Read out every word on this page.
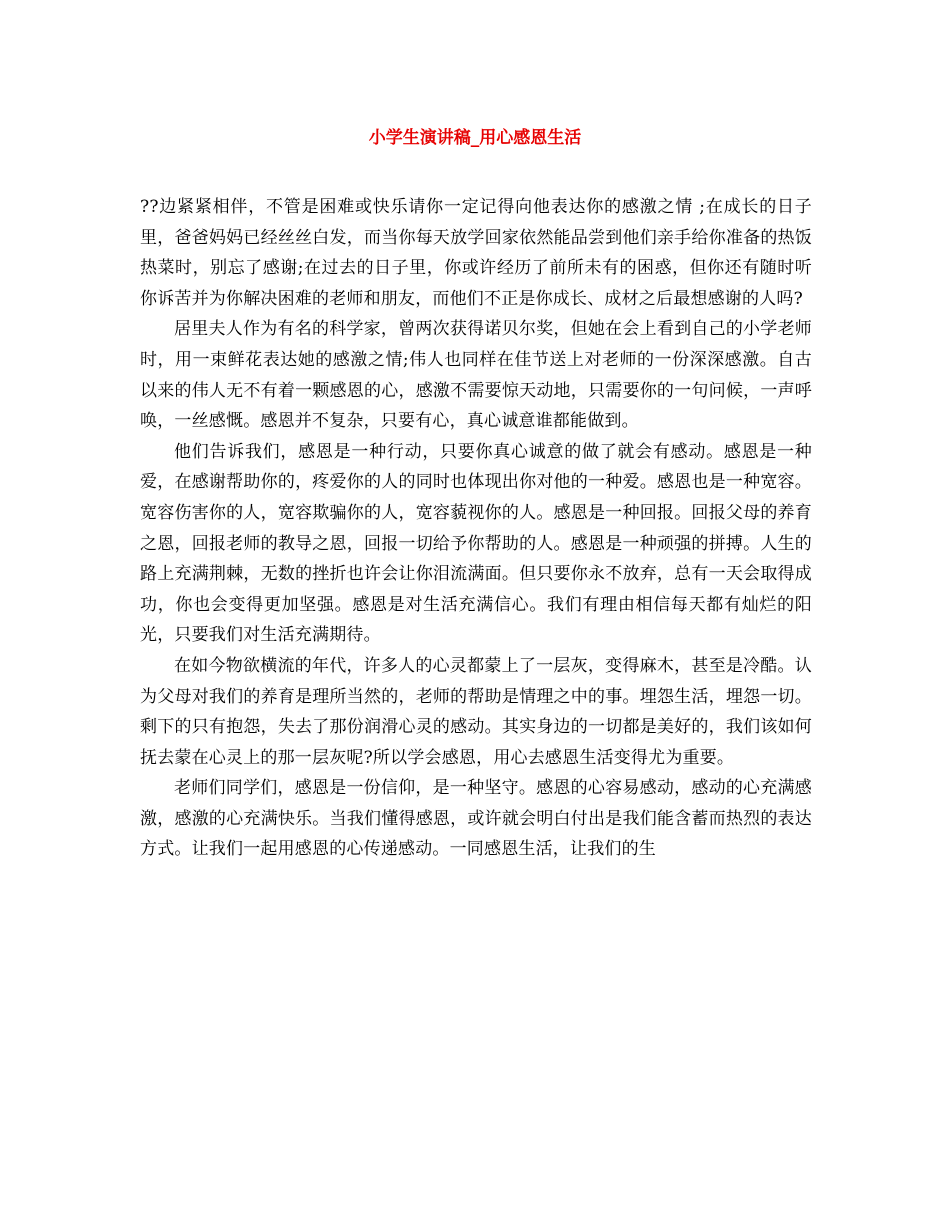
小学生演讲稿_用心感恩生活

??边紧紧相伴，不管是困难或快乐请你一定记得向他表达你的感激之情 ;在成长的日子里，爸爸妈妈已经丝丝白发，而当你每天放学回家依然能品尝到他们亲手给你准备的热饭热菜时，别忘了感谢;在过去的日子里，你或许经历了前所未有的困惑，但你还有随时听你诉苦并为你解决困难的老师和朋友，而他们不正是你成长、成材之后最想感谢的人吗?

居里夫人作为有名的科学家，曾两次获得诺贝尔奖，但她在会上看到自己的小学老师时，用一束鲜花表达她的感激之情;伟人也同样在佳节送上对老师的一份深深感激。自古以来的伟人无不有着一颗感恩的心，感激不需要惊天动地，只需要你的一句问候，一声呼唤，一丝感慨。感恩并不复杂，只要有心，真心诚意谁都能做到。

他们告诉我们，感恩是一种行动，只要你真心诚意的做了就会有感动。感恩是一种爱，在感谢帮助你的，疼爱你的人的同时也体现出你对他的一种爱。感恩也是一种宽容。宽容伤害你的人，宽容欺骗你的人，宽容藐视你的人。感恩是一种回报。回报父母的养育之恩，回报老师的教导之恩，回报一切给予你帮助的人。感恩是一种顽强的拼搏。人生的路上充满荆棘，无数的挫折也许会让你泪流满面。但只要你永不放弃，总有一天会取得成功，你也会变得更加坚强。感恩是对生活充满信心。我们有理由相信每天都有灿烂的阳光，只要我们对生活充满期待。

在如今物欲横流的年代，许多人的心灵都蒙上了一层灰，变得麻木，甚至是冷酷。认为父母对我们的养育是理所当然的，老师的帮助是情理之中的事。埋怨生活，埋怨一切。剩下的只有抱怨，失去了那份润滑心灵的感动。其实身边的一切都是美好的，我们该如何抚去蒙在心灵上的那一层灰呢?所以学会感恩，用心去感恩生活变得尤为重要。

老师们同学们，感恩是一份信仰，是一种坚守。感恩的心容易感动，感动的心充满感激，感激的心充满快乐。当我们懂得感恩，或许就会明白付出是我们能含蓄而热烈的表达方式。让我们一起用感恩的心传递感动。一同感恩生活，让我们的生
